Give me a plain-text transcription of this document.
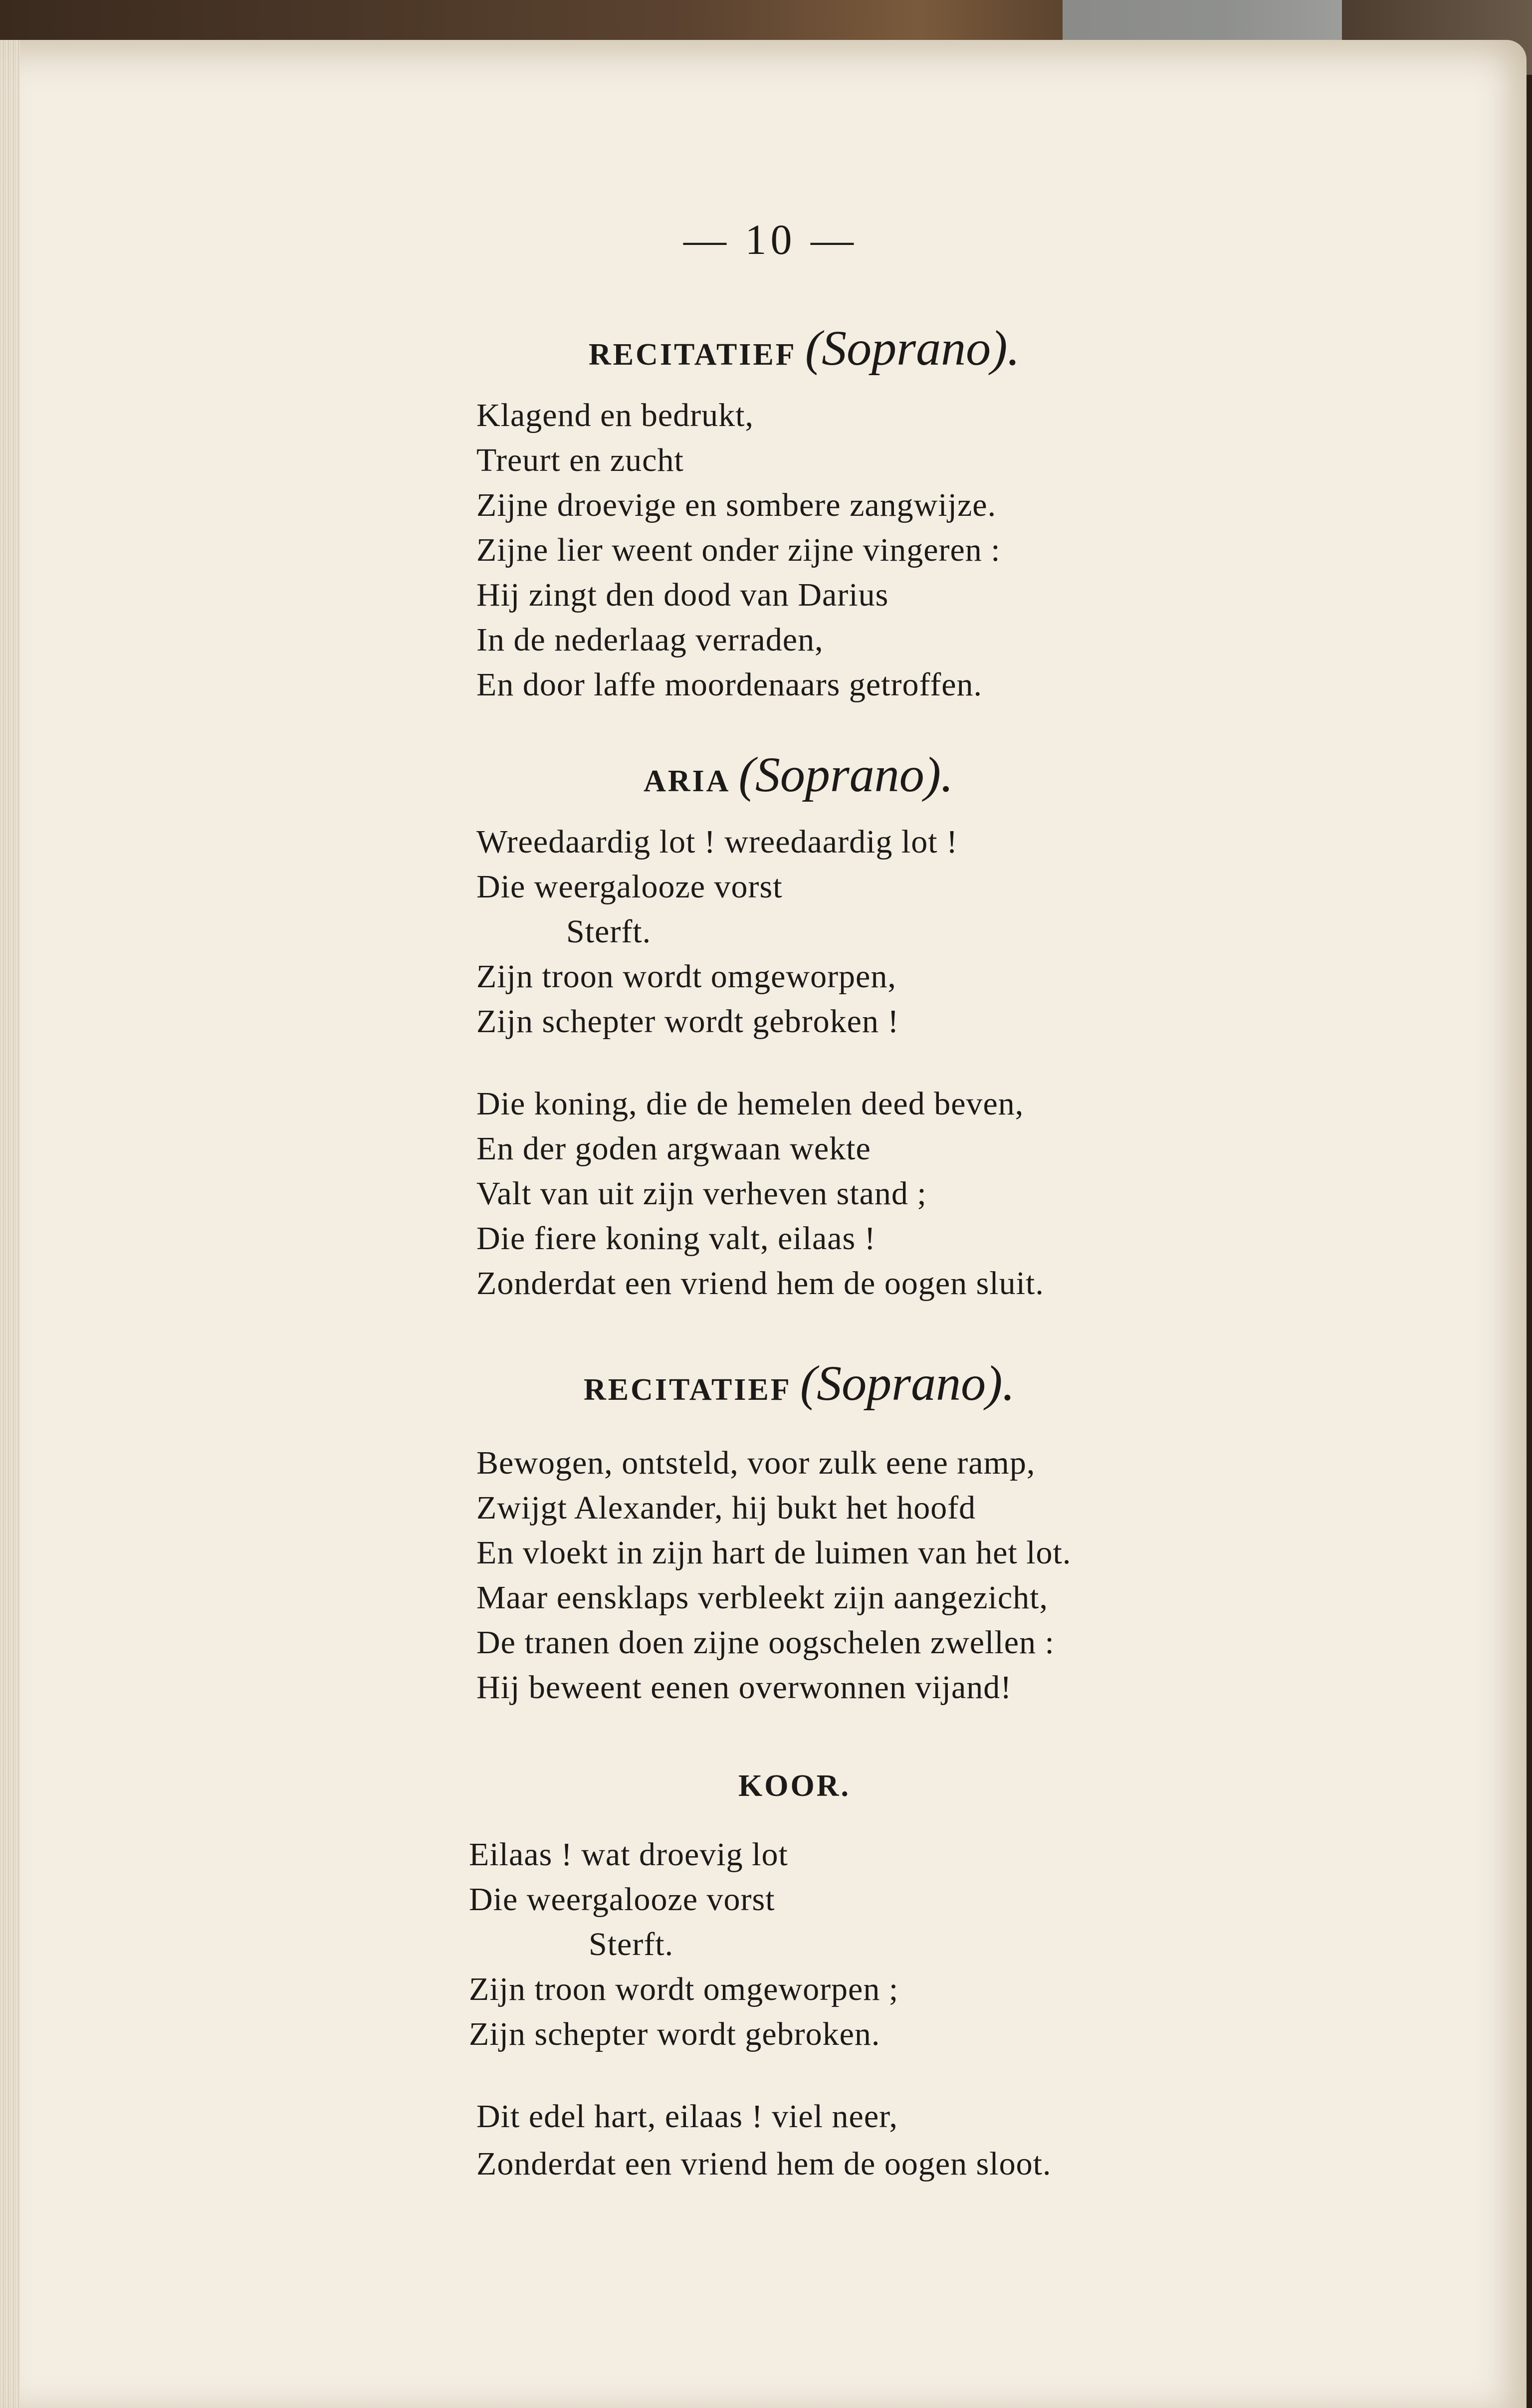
— 10 —
RECITATIEF (Soprano).
Klagend en bedrukt,
Treurt en zucht
Zijne droevige en sombere zangwijze.
Zijne lier weent onder zijne vingeren :
Hij zingt den dood van Darius
In de nederlaag verraden,
En door laffe moordenaars getroffen.
ARIA (Soprano).
Wreedaardig lot ! wreedaardig lot !
Die weergalooze vorst
Sterft.
Zijn troon wordt omgeworpen,
Zijn schepter wordt gebroken !
Die koning, die de hemelen deed beven,
En der goden argwaan wekte
Valt van uit zijn verheven stand ;
Die fiere koning valt, eilaas !
Zonderdat een vriend hem de oogen sluit.
RECITATIEF (Soprano).
Bewogen, ontsteld, voor zulk eene ramp,
Zwijgt Alexander, hij bukt het hoofd
En vloekt in zijn hart de luimen van het lot.
Maar eensklaps verbleekt zijn aangezicht,
De tranen doen zijne oogschelen zwellen :
Hij beweent eenen overwonnen vijand!
KOOR.
Eilaas ! wat droevig lot
Die weergalooze vorst
Sterft.
Zijn troon wordt omgeworpen ;
Zijn schepter wordt gebroken.
Dit edel hart, eilaas ! viel neer,
Zonderdat een vriend hem de oogen sloot.
